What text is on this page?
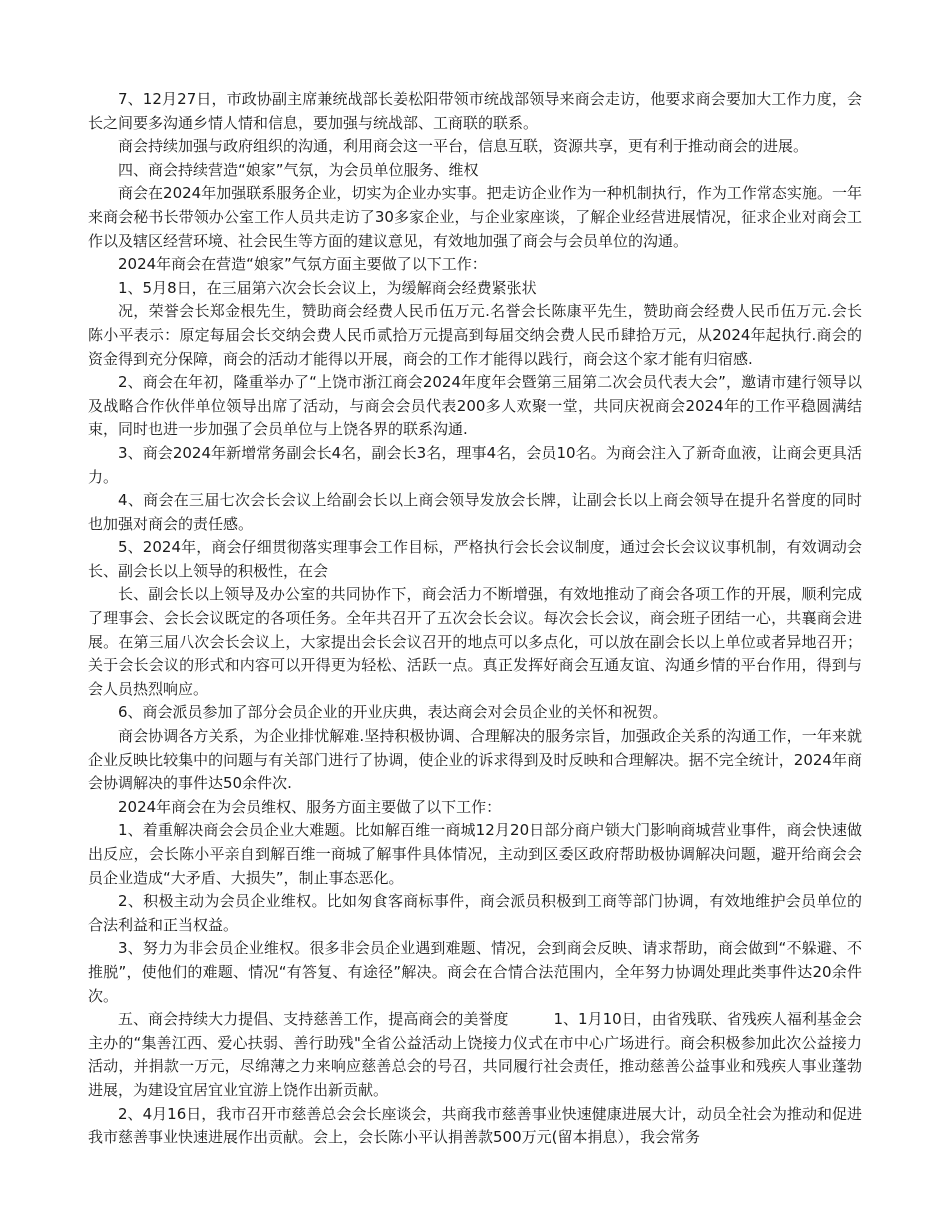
7、12月27日，市政协副主席兼统战部长姜松阳带领市统战部领导来商会走访，他要求商会要加大工作力度，会长之间要多沟通乡情人情和信息，要加强与统战部、工商联的联系。

商会持续加强与政府组织的沟通，利用商会这一平台，信息互联，资源共享，更有利于推动商会的进展。

四、商会持续营造“娘家”气氛，为会员单位服务、维权

商会在2024年加强联系服务企业，切实为企业办实事。把走访企业作为一种机制执行，作为工作常态实施。一年来商会秘书长带领办公室工作人员共走访了30多家企业，与企业家座谈，了解企业经营进展情况，征求企业对商会工作以及辖区经营环境、社会民生等方面的建议意见，有效地加强了商会与会员单位的沟通。

2024年商会在营造“娘家”气氛方面主要做了以下工作：

1、5月8日，在三届第六次会长会议上，为缓解商会经费紧张状

况，荣誉会长郑金根先生，赞助商会经费人民币伍万元.名誉会长陈康平先生，赞助商会经费人民币伍万元.会长陈小平表示：原定每届会长交纳会费人民币贰拾万元提高到每届交纳会费人民币肆拾万元，从2024年起执行.商会的资金得到充分保障，商会的活动才能得以开展，商会的工作才能得以践行，商会这个家才能有归宿感.

2、商会在年初，隆重举办了“上饶市浙江商会2024年度年会暨第三届第二次会员代表大会”，邀请市建行领导以及战略合作伙伴单位领导出席了活动，与商会会员代表200多人欢聚一堂，共同庆祝商会2024年的工作平稳圆满结束，同时也进一步加强了会员单位与上饶各界的联系沟通.

3、商会2024年新增常务副会长4名，副会长3名，理事4名，会员10名。为商会注入了新奇血液，让商会更具活力。

4、商会在三届七次会长会议上给副会长以上商会领导发放会长牌，让副会长以上商会领导在提升名誉度的同时也加强对商会的责任感。

5、2024年，商会仔细贯彻落实理事会工作目标，严格执行会长会议制度，通过会长会议议事机制，有效调动会长、副会长以上领导的积极性，在会

长、副会长以上领导及办公室的共同协作下，商会活力不断增强，有效地推动了商会各项工作的开展，顺利完成了理事会、会长会议既定的各项任务。全年共召开了五次会长会议。每次会长会议，商会班子团结一心，共襄商会进展。在第三届八次会长会议上，大家提出会长会议召开的地点可以多点化，可以放在副会长以上单位或者异地召开；关于会长会议的形式和内容可以开得更为轻松、活跃一点。真正发挥好商会互通友谊、沟通乡情的平台作用，得到与会人员热烈响应。

6、商会派员参加了部分会员企业的开业庆典，表达商会对会员企业的关怀和祝贺。

商会协调各方关系，为企业排忧解难.坚持积极协调、合理解决的服务宗旨，加强政企关系的沟通工作，一年来就企业反映比较集中的问题与有关部门进行了协调，使企业的诉求得到及时反映和合理解决。据不完全统计，2024年商会协调解决的事件达50余件次.

2024年商会在为会员维权、服务方面主要做了以下工作：

1、着重解决商会会员企业大难题。比如解百维一商城12月20日部分商户锁大门影响商城营业事件，商会快速做出反应，会长陈小平亲自到解百维一商城了解事件具体情况，主动到区委区政府帮助极协调解决问题，避开给商会会员企业造成“大矛盾、大损失”，制止事态恶化。

2、积极主动为会员企业维权。比如匆食客商标事件，商会派员积极到工商等部门协调，有效地维护会员单位的合法利益和正当权益。

3、努力为非会员企业维权。很多非会员企业遇到难题、情况，会到商会反映、请求帮助，商会做到“不躲避、不推脱”，使他们的难题、情况“有答复、有途径”解决。商会在合情合法范围内，全年努力协调处理此类事件达20余件次。

五、商会持续大力提倡、支持慈善工作，提高商会的美誉度　　　1、1月10日，由省残联、省残疾人福利基金会主办的“集善江西、爱心扶弱、善行助残"全省公益活动上饶接力仪式在市中心广场进行。商会积极参加此次公益接力活动，并捐款一万元，尽绵薄之力来响应慈善总会的号召，共同履行社会责任，推动慈善公益事业和残疾人事业蓬勃进展，为建设宜居宜业宜游上饶作出新贡献。

2、4月16日，我市召开市慈善总会会长座谈会，共商我市慈善事业快速健康进展大计，动员全社会为推动和促进我市慈善事业快速进展作出贡献。会上，会长陈小平认捐善款500万元(留本捐息），我会常务
